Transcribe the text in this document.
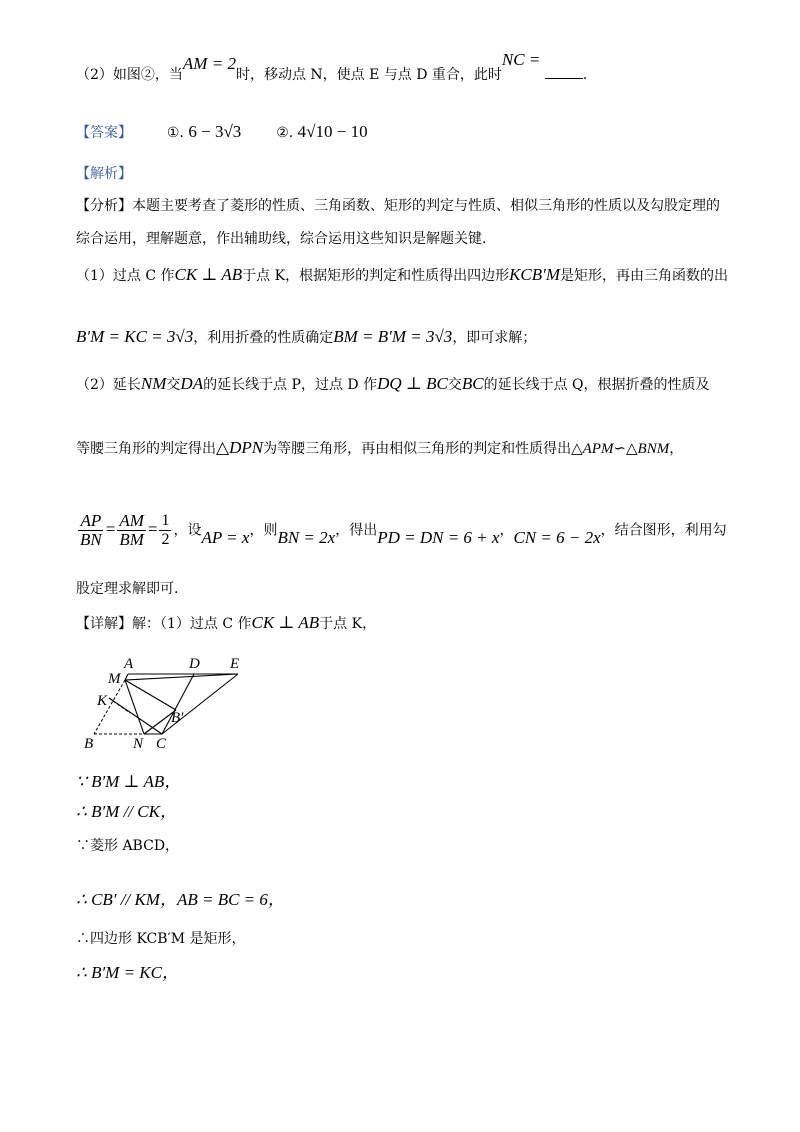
（2）如图②，当AM = 2时，移动点 N，使点 E 与点 D 重合，此时NC = .
【答案】 ①. 6 − 3√3 ②. 4√10 − 10
【解析】
【分析】本题主要考查了菱形的性质、三角函数、矩形的判定与性质、相似三角形的性质以及勾股定理的
综合运用，理解题意，作出辅助线，综合运用这些知识是解题关键.
（1）过点 C 作CK ⊥ AB于点 K，根据矩形的判定和性质得出四边形KCB′M是矩形，再由三角函数的出
B′M = KC = 3√3，利用折叠的性质确定BM = B′M = 3√3，即可求解；
（2）延长NM交DA的延长线于点 P，过点 D 作DQ ⊥ BC交BC的延长线于点 Q，根据折叠的性质及
等腰三角形的判定得出△DPN为等腰三角形，再由相似三角形的判定和性质得出△APM∽△BNM，
$\frac{AP}{BN} = \frac{AM}{BM} = \frac{1}{2}$ ，设AP = x，则BN = 2x，得出PD = DN = 6 + x，CN = 6 − 2x，结合图形，利用勾
股定理求解即可.
【详解】解：（1）过点 C 作CK ⊥ AB于点 K，
A	D E
M
K
B′
B	N C
∵ B′M ⊥ AB，
∴ B′M // CK，
∵菱形 ABCD，
∴ CB′ // KM，AB = BC = 6，
∴四边形 KCB′M 是矩形，
∴ B′M = KC，
